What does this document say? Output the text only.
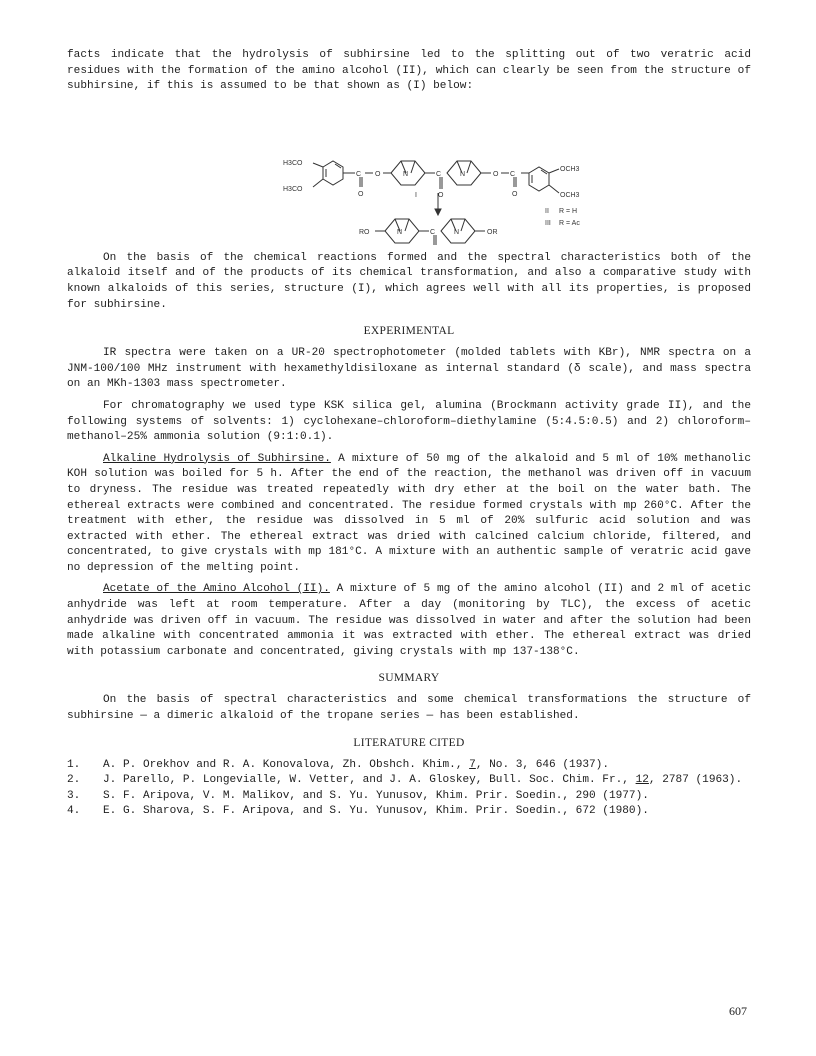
facts indicate that the hydrolysis of subhirsine led to the splitting out of two veratric acid residues with the formation of the amino alcohol (II), which can clearly be seen from the structure of subhirsine, if this is assumed to be that shown as (I) below:

H3CO
H3CO
C
O
O	N	C
O
I
N	O C
O
OCH3
OCH3
II R = H
III R = Ac
RO	N	C	N	OR

On the basis of the chemical reactions formed and the spectral characteristics both of the alkaloid itself and of the products of its chemical transformation, and also a comparative study with known alkaloids of this series, structure (I), which agrees well with all its properties, is proposed for subhirsine.

EXPERIMENTAL

IR spectra were taken on a UR-20 spectrophotometer (molded tablets with KBr), NMR spectra on a JNM-100/100 MHz instrument with hexamethyldisiloxane as internal standard (δ scale), and mass spectra on an MKh-1303 mass spectrometer.

For chromatography we used type KSK silica gel, alumina (Brockmann activity grade II), and the following systems of solvents: 1) cyclohexane–chloroform–diethylamine (5:4.5:0.5) and 2) chloroform–methanol–25% ammonia solution (9:1:0.1).

Alkaline Hydrolysis of Subhirsine. A mixture of 50 mg of the alkaloid and 5 ml of 10% methanolic KOH solution was boiled for 5 h. After the end of the reaction, the methanol was driven off in vacuum to dryness. The residue was treated repeatedly with dry ether at the boil on the water bath. The ethereal extracts were combined and concentrated. The residue formed crystals with mp 260°C. After the treatment with ether, the residue was dissolved in 5 ml of 20% sulfuric acid solution and was extracted with ether. The ethereal extract was dried with calcined calcium chloride, filtered, and concentrated, to give crystals with mp 181°C. A mixture with an authentic sample of veratric acid gave no depression of the melting point.

Acetate of the Amino Alcohol (II). A mixture of 5 mg of the amino alcohol (II) and 2 ml of acetic anhydride was left at room temperature. After a day (monitoring by TLC), the excess of acetic anhydride was driven off in vacuum. The residue was dissolved in water and after the solution had been made alkaline with concentrated ammonia it was extracted with ether. The ethereal extract was dried with potassium carbonate and concentrated, giving crystals with mp 137-138°C.

SUMMARY

On the basis of spectral characteristics and some chemical transformations the structure of subhirsine — a dimeric alkaloid of the tropane series — has been established.

LITERATURE CITED
1.	A. P. Orekhov and R. A. Konovalova, Zh. Obshch. Khim., 7, No. 3, 646 (1937).
2.	J. Parello, P. Longevialle, W. Vetter, and J. A. Gloskey, Bull. Soc. Chim. Fr., 12, 2787 (1963).
3.	S. F. Aripova, V. M. Malikov, and S. Yu. Yunusov, Khim. Prir. Soedin., 290 (1977).
4.	E. G. Sharova, S. F. Aripova, and S. Yu. Yunusov, Khim. Prir. Soedin., 672 (1980).
607
